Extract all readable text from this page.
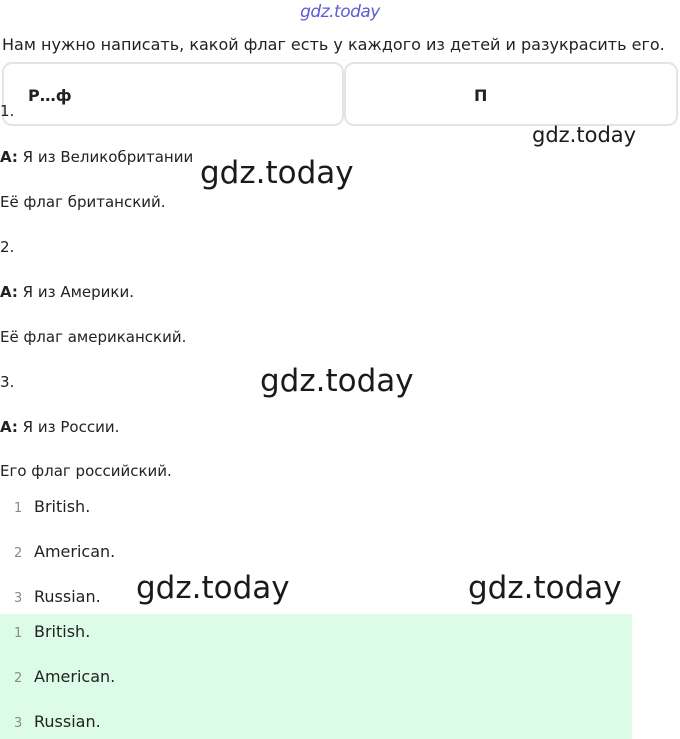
gdz.today
Нам нужно написать, какой флаг есть у каждого из детей и разукрасить его.
Р…ф	П
1.
A: Я из Великобритании
Её флаг британский.
2.
A: Я из Америки.
Её флаг американский.
3.
A: Я из России.
Его флаг российский.
1 British.
2 American.
3 Russian.
1 British.
2 American.
3 Russian.
gdz.today
gdz.today
gdz.today
gdz.today	gdz.today
